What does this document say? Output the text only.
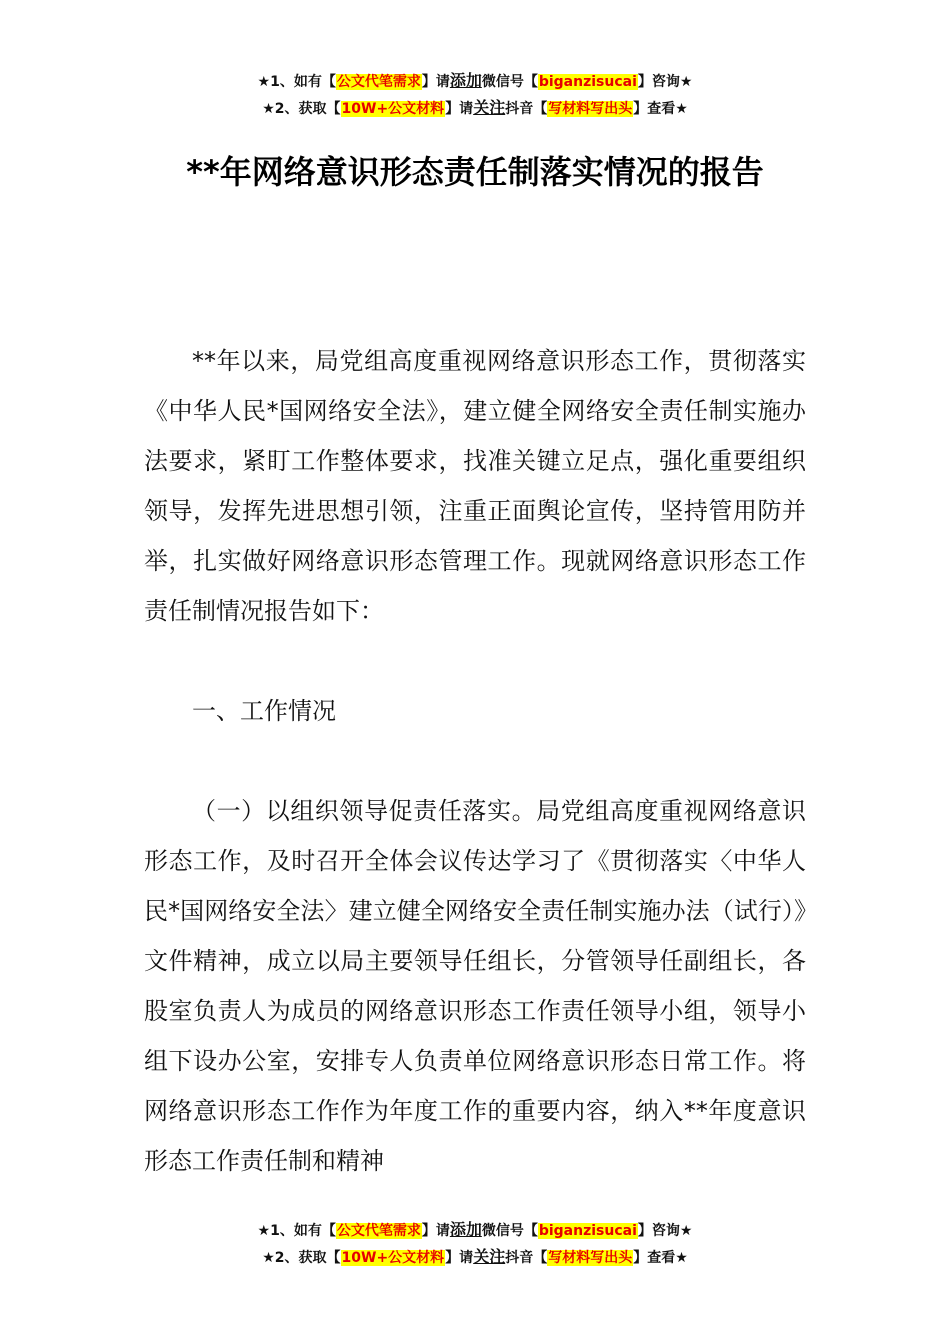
★1、如有【公文代笔需求】请添加微信号【biganzisucai】咨询★
★2、获取【10W+公文材料】请关注抖音【写材料写出头】查看★
**年网络意识形态责任制落实情况的报告

**年以来，局党组高度重视网络意识形态工作，贯彻落实《中华人民*国网络安全法》，建立健全网络安全责任制实施办法要求，紧盯工作整体要求，找准关键立足点，强化重要组织领导，发挥先进思想引领，注重正面舆论宣传，坚持管用防并举，扎实做好网络意识形态管理工作。现就网络意识形态工作责任制情况报告如下：

一、工作情况

（一）以组织领导促责任落实。局党组高度重视网络意识形态工作，及时召开全体会议传达学习了《贯彻落实〈中华人民*国网络安全法〉建立健全网络安全责任制实施办法（试行）》文件精神，成立以局主要领导任组长，分管领导任副组长，各股室负责人为成员的网络意识形态工作责任领导小组，领导小组下设办公室，安排专人负责单位网络意识形态日常工作。将网络意识形态工作作为年度工作的重要内容，纳入**年度意识形态工作责任制和精神

★1、如有【公文代笔需求】请添加微信号【biganzisucai】咨询★
★2、获取【10W+公文材料】请关注抖音【写材料写出头】查看★
